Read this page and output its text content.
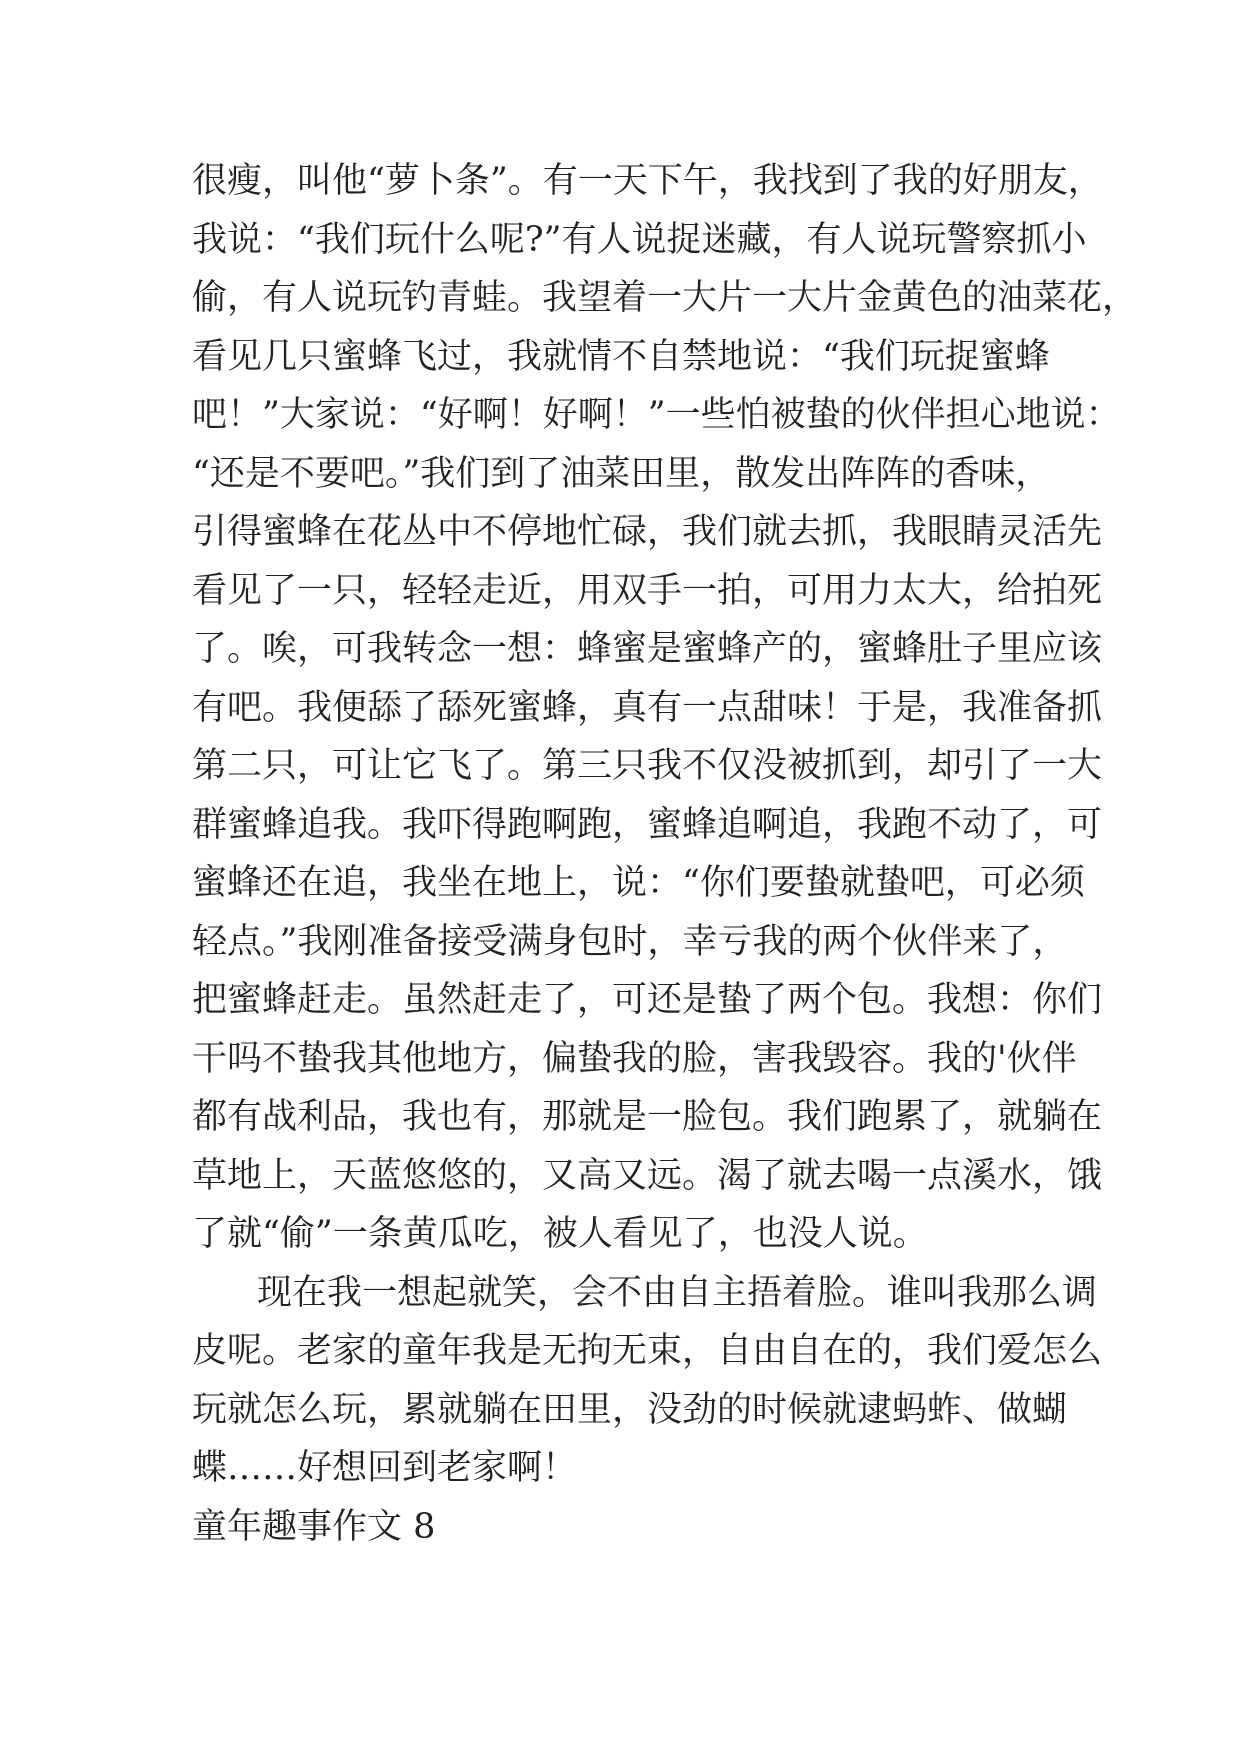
很瘦，叫他“萝卜条”。有一天下午，我找到了我的好朋友，
我说：“我们玩什么呢?”有人说捉迷藏，有人说玩警察抓小
偷，有人说玩钓青蛙。我望着一大片一大片金黄色的油菜花，
看见几只蜜蜂飞过，我就情不自禁地说：“我们玩捉蜜蜂
吧！”大家说：“好啊！好啊！”一些怕被蛰的伙伴担心地说：
“还是不要吧。”我们到了油菜田里，散发出阵阵的香味，
引得蜜蜂在花丛中不停地忙碌，我们就去抓，我眼睛灵活先
看见了一只，轻轻走近，用双手一拍，可用力太大，给拍死
了。唉，可我转念一想：蜂蜜是蜜蜂产的，蜜蜂肚子里应该
有吧。我便舔了舔死蜜蜂，真有一点甜味！于是，我准备抓
第二只，可让它飞了。第三只我不仅没被抓到，却引了一大
群蜜蜂追我。我吓得跑啊跑，蜜蜂追啊追，我跑不动了，可
蜜蜂还在追，我坐在地上，说：“你们要蛰就蛰吧，可必须
轻点。”我刚准备接受满身包时，幸亏我的两个伙伴来了，
把蜜蜂赶走。虽然赶走了，可还是蛰了两个包。我想：你们
干吗不蛰我其他地方，偏蛰我的脸，害我毁容。我的'伙伴
都有战利品，我也有，那就是一脸包。我们跑累了，就躺在
草地上，天蓝悠悠的，又高又远。渴了就去喝一点溪水，饿
了就“偷”一条黄瓜吃，被人看见了，也没人说。
现在我一想起就笑，会不由自主捂着脸。谁叫我那么调
皮呢。老家的童年我是无拘无束，自由自在的，我们爱怎么
玩就怎么玩，累就躺在田里，没劲的时候就逮蚂蚱、做蝴
蝶……好想回到老家啊！
童年趣事作文 8
